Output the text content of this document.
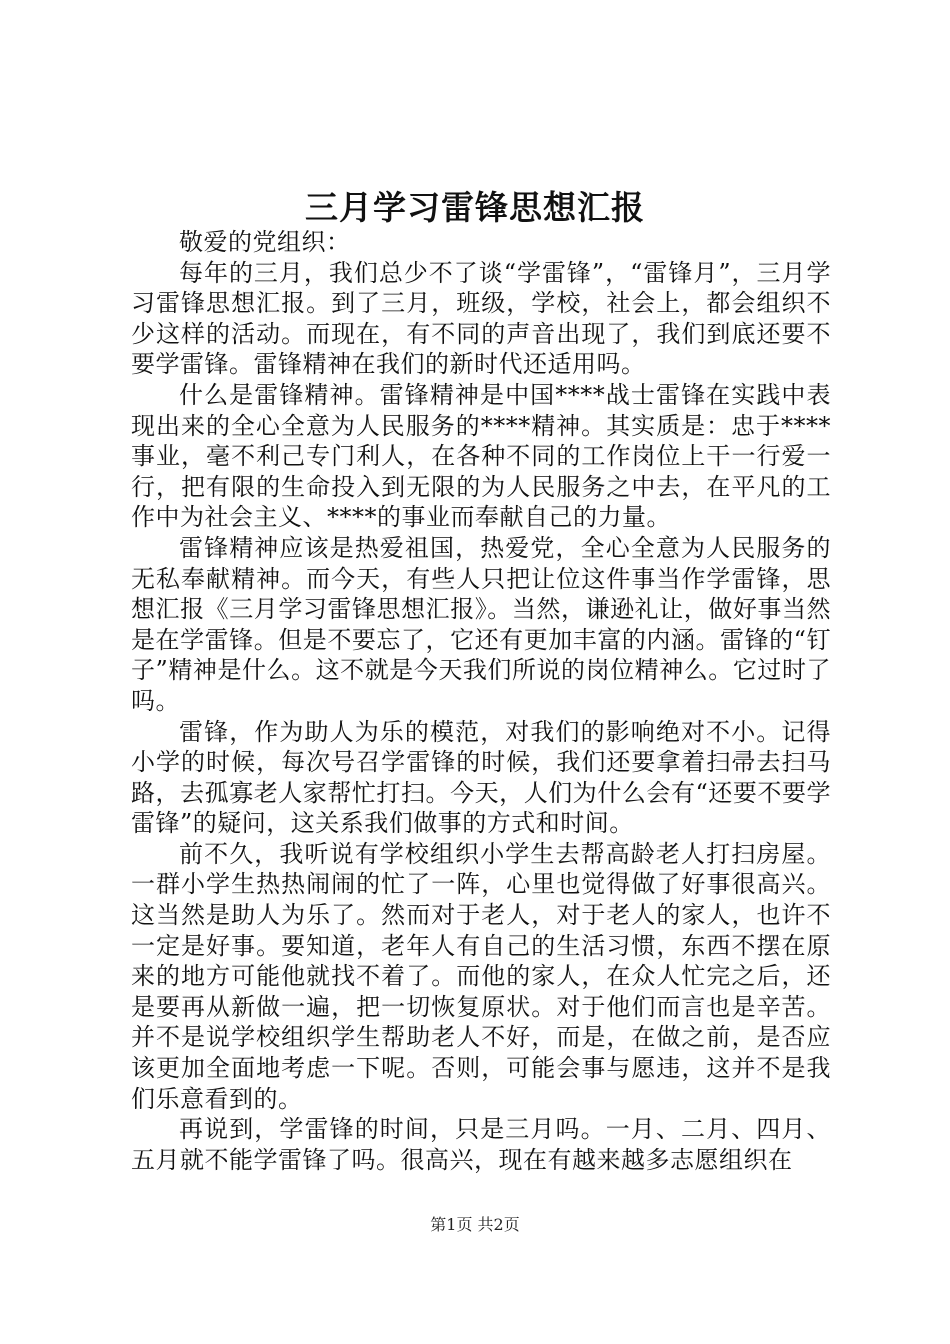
三月学习雷锋思想汇报

敬爱的党组织：

每年的三月，我们总少不了谈“学雷锋”，“雷锋月”，三月学习雷锋思想汇报。到了三月，班级，学校，社会上，都会组织不少这样的活动。而现在，有不同的声音出现了，我们到底还要不要学雷锋。雷锋精神在我们的新时代还适用吗。

什么是雷锋精神。雷锋精神是中国****战士雷锋在实践中表现出来的全心全意为人民服务的****精神。其实质是：忠于****事业，毫不利己专门利人，在各种不同的工作岗位上干一行爱一行，把有限的生命投入到无限的为人民服务之中去，在平凡的工作中为社会主义、****的事业而奉献自己的力量。

雷锋精神应该是热爱祖国，热爱党，全心全意为人民服务的无私奉献精神。而今天，有些人只把让位这件事当作学雷锋，思想汇报《三月学习雷锋思想汇报》。当然，谦逊礼让，做好事当然是在学雷锋。但是不要忘了，它还有更加丰富的内涵。雷锋的“钉子”精神是什么。这不就是今天我们所说的岗位精神么。它过时了吗。

雷锋，作为助人为乐的模范，对我们的影响绝对不小。记得小学的时候，每次号召学雷锋的时候，我们还要拿着扫帚去扫马路，去孤寡老人家帮忙打扫。今天，人们为什么会有“还要不要学雷锋”的疑问，这关系我们做事的方式和时间。

前不久，我听说有学校组织小学生去帮高龄老人打扫房屋。一群小学生热热闹闹的忙了一阵，心里也觉得做了好事很高兴。这当然是助人为乐了。然而对于老人，对于老人的家人，也许不一定是好事。要知道，老年人有自己的生活习惯，东西不摆在原来的地方可能他就找不着了。而他的家人，在众人忙完之后，还是要再从新做一遍，把一切恢复原状。对于他们而言也是辛苦。并不是说学校组织学生帮助老人不好，而是，在做之前，是否应该更加全面地考虑一下呢。否则，可能会事与愿违，这并不是我们乐意看到的。

再说到，学雷锋的时间，只是三月吗。一月、二月、四月、五月就不能学雷锋了吗。很高兴，现在有越来越多志愿组织在

第1页 共2页
